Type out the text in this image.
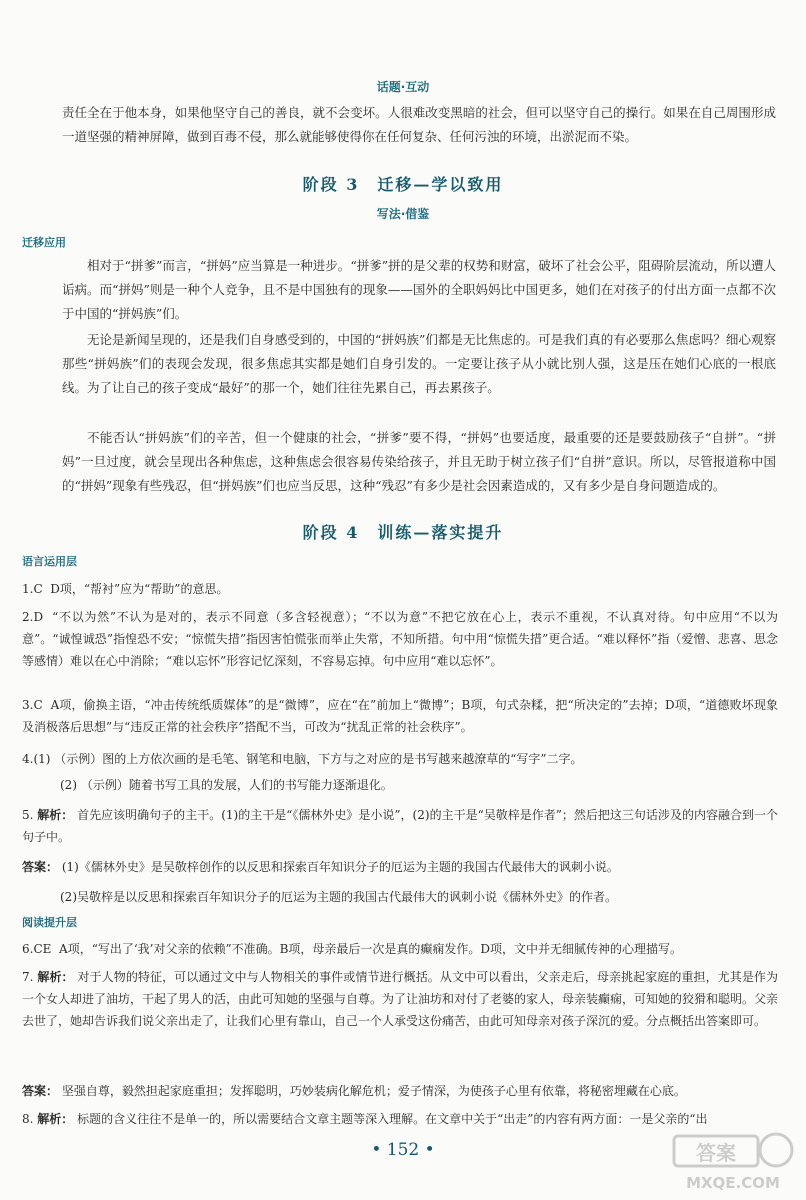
话题·互动
责任全在于他本身，如果他坚守自己的善良，就不会变坏。人很难改变黑暗的社会，但可以坚守自己的操行。如果在自己周围形成一道坚强的精神屏障，做到百毒不侵，那么就能够使得你在任何复杂、任何污浊的环境，出淤泥而不染。
阶段 3　迁移—学以致用
写法·借鉴
迁移应用
相对于“拼爹”而言，“拼妈”应当算是一种进步。“拼爹”拼的是父辈的权势和财富，破坏了社会公平，阻碍阶层流动，所以遭人诟病。而“拼妈”则是一种个人竞争，且不是中国独有的现象——国外的全职妈妈比中国更多，她们在对孩子的付出方面一点都不次于中国的“拼妈族”们。
无论是新闻呈现的，还是我们自身感受到的，中国的“拼妈族”们都是无比焦虑的。可是我们真的有必要那么焦虑吗？细心观察那些“拼妈族”们的表现会发现，很多焦虑其实都是她们自身引发的。一定要让孩子从小就比别人强，这是压在她们心底的一根底线。为了让自己的孩子变成“最好”的那一个，她们往往先累自己，再去累孩子。
不能否认“拼妈族”们的辛苦，但一个健康的社会，“拼爹”要不得，“拼妈”也要适度，最重要的还是要鼓励孩子“自拼”。“拼妈”一旦过度，就会呈现出各种焦虑，这种焦虑会很容易传染给孩子，并且无助于树立孩子们“自拼”意识。所以，尽管报道称中国的“拼妈”现象有些残忍，但“拼妈族”们也应当反思，这种“残忍”有多少是社会因素造成的，又有多少是自身问题造成的。
阶段 4　训练—落实提升
语言运用层
1.C D项，“帮衬”应为“帮助”的意思。
2.D “不以为然”不认为是对的，表示不同意（多含轻视意）；“不以为意”不把它放在心上，表示不重视，不认真对待。句中应用“不以为意”。“诚惶诚恐”指惶恐不安；“惊慌失措”指因害怕慌张而举止失常，不知所措。句中用“惊慌失措”更合适。“难以释怀”指（爱憎、悲喜、思念等感情）难以在心中消除；“难以忘怀”形容记忆深刻，不容易忘掉。句中应用“难以忘怀”。
3.C A项，偷换主语，“冲击传统纸质媒体”的是“微博”，应在“在”前加上“微博”；B项，句式杂糅，把“所决定的”去掉；D项，“道德败坏现象及消极落后思想”与“违反正常的社会秩序”搭配不当，可改为“扰乱正常的社会秩序”。
4.(1) （示例）图的上方依次画的是毛笔、钢笔和电脑，下方与之对应的是书写越来越潦草的“写字”二字。
(2) （示例）随着书写工具的发展，人们的书写能力逐渐退化。
5. 解析： 首先应该明确句子的主干。(1)的主干是“《儒林外史》是小说”，(2)的主干是“吴敬梓是作者”；然后把这三句话涉及的内容融合到一个句子中。
答案： (1)《儒林外史》是吴敬梓创作的以反思和探索百年知识分子的厄运为主题的我国古代最伟大的讽刺小说。
(2)吴敬梓是以反思和探索百年知识分子的厄运为主题的我国古代最伟大的讽刺小说《儒林外史》的作者。
阅读提升层
6.CE A项，“写出了‘我’对父亲的依赖”不准确。B项，母亲最后一次是真的癫痫发作。D项，文中并无细腻传神的心理描写。
7. 解析： 对于人物的特征，可以通过文中与人物相关的事件或情节进行概括。从文中可以看出，父亲走后，母亲挑起家庭的重担，尤其是作为一个女人却进了油坊，干起了男人的活，由此可知她的坚强与自尊。为了让油坊和对付了老婆的家人，母亲装癫痫，可知她的狡猾和聪明。父亲去世了，她却告诉我们说父亲出走了，让我们心里有靠山，自己一个人承受这份痛苦，由此可知母亲对孩子深沉的爱。分点概括出答案即可。
答案： 坚强自尊，毅然担起家庭重担；发挥聪明，巧妙装病化解危机；爱子情深，为使孩子心里有依靠，将秘密埋藏在心底。
8. 解析： 标题的含义往往不是单一的，所以需要结合文章主题等深入理解。在文章中关于“出走”的内容有两方面：一是父亲的“出
• 152 •	答案
MXQE.COM
